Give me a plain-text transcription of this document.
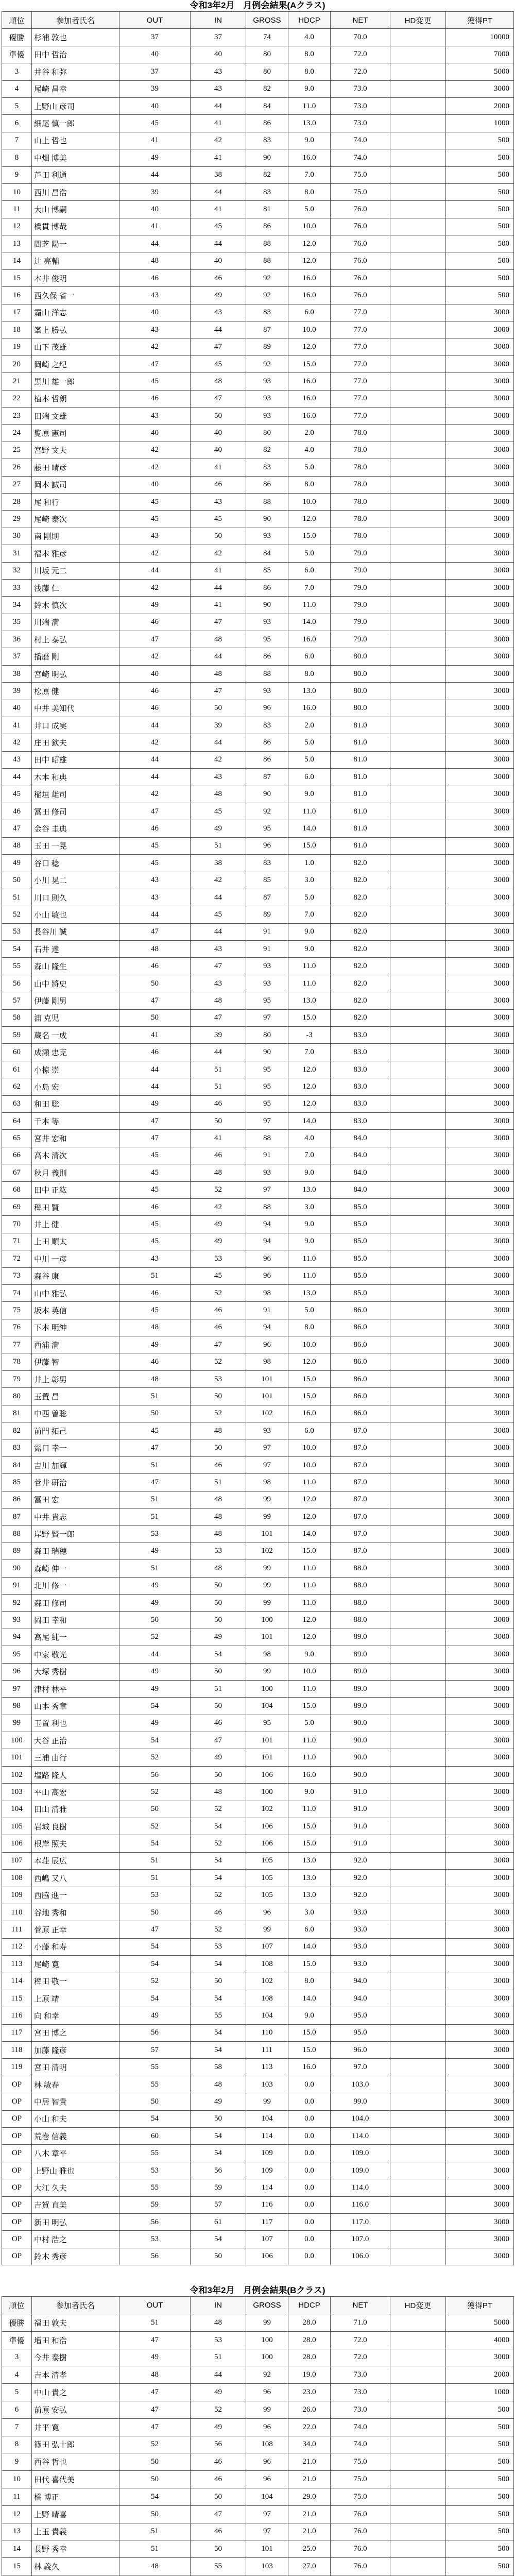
令和3年2月　月例会結果(Aクラス)
順位	参加者氏名	OUT	IN	GROSS	HDCP	NET	HD変更	獲得PT
優勝	杉浦 敦也	37	37	74	4.0	70.0		10000
準優	田中 哲治	40	40	80	8.0	72.0		7000
3	井谷 和弥	37	43	80	8.0	72.0		5000
4	尾崎 昌幸	39	43	82	9.0	73.0		3000
5	上野山 彦司	40	44	84	11.0	73.0		2000
6	細尾 慎一郎	45	41	86	13.0	73.0		1000
7	山上 哲也	41	42	83	9.0	74.0		500
8	中畑 博美	49	41	90	16.0	74.0		500
9	芦田 利通	44	38	82	7.0	75.0		500
10	西川 昌浩	39	44	83	8.0	75.0		500
11	大山 博嗣	40	41	81	5.0	76.0		500
12	橋貫 博哉	41	45	86	10.0	76.0		500
13	間芝 陽一	44	44	88	12.0	76.0		500
14	辻 亮輔	48	40	88	12.0	76.0		500
15	本井 俊明	46	46	92	16.0	76.0		500
16	西久保 省一	43	49	92	16.0	76.0		500
17	霜山 洋志	40	43	83	6.0	77.0		3000
18	峯上 勝弘	43	44	87	10.0	77.0		3000
19	山下 茂雄	42	47	89	12.0	77.0		3000
20	岡崎 之紀	47	45	92	15.0	77.0		3000
21	黒川 雄一郎	45	48	93	16.0	77.0		3000
22	植本 哲朗	46	47	93	16.0	77.0		3000
23	田端 文雄	43	50	93	16.0	77.0		3000
24	覧原 憲司	40	40	80	2.0	78.0		3000
25	宮野 文夫	42	40	82	4.0	78.0		3000
26	藤田 晴彦	42	41	83	5.0	78.0		3000
27	岡本 誠司	40	46	86	8.0	78.0		3000
28	尾 和行	45	43	88	10.0	78.0		3000
29	尾崎 泰次	45	45	90	12.0	78.0		3000
30	南 剛則	43	50	93	15.0	78.0		3000
31	福本 雅彦	42	42	84	5.0	79.0		3000
32	川坂 元二	44	41	85	6.0	79.0		3000
33	浅藤 仁	42	44	86	7.0	79.0		3000
34	鈴木 慎次	49	41	90	11.0	79.0		3000
35	川端 満	46	47	93	14.0	79.0		3000
36	村上 泰弘	47	48	95	16.0	79.0		3000
37	播磨 剛	42	44	86	6.0	80.0		3000
38	宮崎 明弘	40	48	88	8.0	80.0		3000
39	松原 健	46	47	93	13.0	80.0		3000
40	中井 美知代	46	50	96	16.0	80.0		3000
41	井口 成実	44	39	83	2.0	81.0		3000
42	庄田 欽夫	42	44	86	5.0	81.0		3000
43	田中 昭雄	44	42	86	5.0	81.0		3000
44	木本 和典	44	43	87	6.0	81.0		3000
45	稲垣 雄司	42	48	90	9.0	81.0		3000
46	冨田 修司	47	45	92	11.0	81.0		3000
47	金谷 圭典	46	49	95	14.0	81.0		3000
48	玉田 一晃	45	51	96	15.0	81.0		3000
49	谷口 稔	45	38	83	1.0	82.0		3000
50	小川 晃二	43	42	85	3.0	82.0		3000
51	川口 則久	43	44	87	5.0	82.0		3000
52	小山 敏也	44	45	89	7.0	82.0		3000
53	長谷川 誠	47	44	91	9.0	82.0		3000
54	石井 達	48	43	91	9.0	82.0		3000
55	森山 隆生	46	47	93	11.0	82.0		3000
56	山中 將史	50	43	93	11.0	82.0		3000
57	伊藤 剛男	47	48	95	13.0	82.0		3000
58	浦 克児	50	47	97	15.0	82.0		3000
59	蔵名 一成	41	39	80	-3	83.0		3000
60	成瀬 忠克	46	44	90	7.0	83.0		3000
61	小椋 崇	44	51	95	12.0	83.0		3000
62	小島 宏	44	51	95	12.0	83.0		3000
63	和田 聡	49	46	95	12.0	83.0		3000
64	千本 等	47	50	97	14.0	83.0		3000
65	宮井 宏和	47	41	88	4.0	84.0		3000
66	高木 清次	45	46	91	7.0	84.0		3000
67	秋月 義則	45	48	93	9.0	84.0		3000
68	田中 正紘	45	52	97	13.0	84.0		3000
69	稗田 賢	46	42	88	3.0	85.0		3000
70	井上 健	45	49	94	9.0	85.0		3000
71	上田 順太	45	49	94	9.0	85.0		3000
72	中川 一彦	43	53	96	11.0	85.0		3000
73	森谷 康	51	45	96	11.0	85.0		3000
74	山中 雅弘	46	52	98	13.0	85.0		3000
75	坂本 英信	45	46	91	5.0	86.0		3000
76	下本 明紳	48	46	94	8.0	86.0		3000
77	西浦 満	49	47	96	10.0	86.0		3000
78	伊藤 智	46	52	98	12.0	86.0		3000
79	井上 彰男	48	53	101	15.0	86.0		3000
80	玉置 昌	51	50	101	15.0	86.0		3000
81	中西 曽聡	50	52	102	16.0	86.0		3000
82	前門 拓己	45	48	93	6.0	87.0		3000
83	露口 幸一	47	50	97	10.0	87.0		3000
84	吉川 加輝	51	46	97	10.0	87.0		3000
85	菅井 研治	47	51	98	11.0	87.0		3000
86	冨田 宏	51	48	99	12.0	87.0		3000
87	中井 貴志	51	48	99	12.0	87.0		3000
88	岸野 賢一郎	53	48	101	14.0	87.0		3000
89	森田 瑞穂	49	53	102	15.0	87.0		3000
90	森崎 伸一	51	48	99	11.0	88.0		3000
91	北川 修一	49	50	99	11.0	88.0		3000
92	森田 修司	49	50	99	11.0	88.0		3000
93	岡田 幸和	50	50	100	12.0	88.0		3000
94	高尾 純一	52	49	101	12.0	89.0		3000
95	中家 敬光	44	54	98	9.0	89.0		3000
96	大塚 秀樹	49	50	99	10.0	89.0		3000
97	津村 林平	49	51	100	11.0	89.0		3000
98	山本 秀章	54	50	104	15.0	89.0		3000
99	玉置 利也	49	46	95	5.0	90.0		3000
100	大谷 正治	54	47	101	11.0	90.0		3000
101	三浦 由行	52	49	101	11.0	90.0		3000
102	塩路 隆人	56	50	106	16.0	90.0		3000
103	平山 高宏	52	48	100	9.0	91.0		3000
104	田山 清雅	50	52	102	11.0	91.0		3000
105	岩城 良樹	52	54	106	15.0	91.0		3000
106	根岸 照夫	54	52	106	15.0	91.0		3000
107	本荘 辰広	51	54	105	13.0	92.0		3000
108	西嶋 又八	51	54	105	13.0	92.0		3000
109	西脇 進一	53	52	105	13.0	92.0		3000
110	谷地 秀和	50	46	96	3.0	93.0		3000
111	菅原 正幸	47	52	99	6.0	93.0		3000
112	小藤 和寿	54	53	107	14.0	93.0		3000
113	尾崎 寛	54	54	108	15.0	93.0		3000
114	稗田 敬一	52	50	102	8.0	94.0		3000
115	上原 靖	54	54	108	14.0	94.0		3000
116	向 和幸	49	55	104	9.0	95.0		3000
117	宮田 博之	56	54	110	15.0	95.0		3000
118	加藤 隆彦	57	54	111	15.0	96.0		3000
119	宮田 清明	55	58	113	16.0	97.0		3000
OP	林 敏春	55	48	103	0.0	103.0		3000
OP	中居 智貴	50	49	99	0.0	99.0		3000
OP	小山 和夫	54	50	104	0.0	104.0		3000
OP	荒巻 信義	60	54	114	0.0	114.0		3000
OP	八木 章平	55	54	109	0.0	109.0		3000
OP	上野山 雅也	53	56	109	0.0	109.0		3000
OP	大江 久夫	55	59	114	0.0	114.0		3000
OP	吉賀 直美	59	57	116	0.0	116.0		3000
OP	新田 明弘	56	61	117	0.0	117.0		3000
OP	中村 浩之	53	54	107	0.0	107.0		3000
OP	鈴木 秀彦	56	50	106	0.0	106.0		3000
令和3年2月　月例会結果(Bクラス)
順位	参加者氏名	OUT	IN	GROSS	HDCP	NET	HD変更	獲得PT
優勝	福田 敦夫	51	48	99	28.0	71.0		5000
準優	増田 和浩	47	53	100	28.0	72.0		4000
3	今井 泰樹	49	51	100	28.0	72.0		3000
4	吉本 清孝	48	44	92	19.0	73.0		2000
5	中山 貴之	47	49	96	23.0	73.0		1000
6	前原 安弘	47	52	99	26.0	73.0		500
7	井平 寛	47	49	96	22.0	74.0		500
8	篠田 弘十郎	52	56	108	34.0	74.0		500
9	西谷 哲也	50	46	96	21.0	75.0		500
10	田代 喜代美	50	46	96	21.0	75.0		500
11	橋 博正	54	50	104	29.0	75.0		500
12	上野 晴喜	50	47	97	21.0	76.0		500
13	上玉 貴義	51	46	97	21.0	76.0		500
14	長野 秀幸	51	50	101	25.0	76.0		500
15	林 義久	48	55	103	27.0	76.0		500
